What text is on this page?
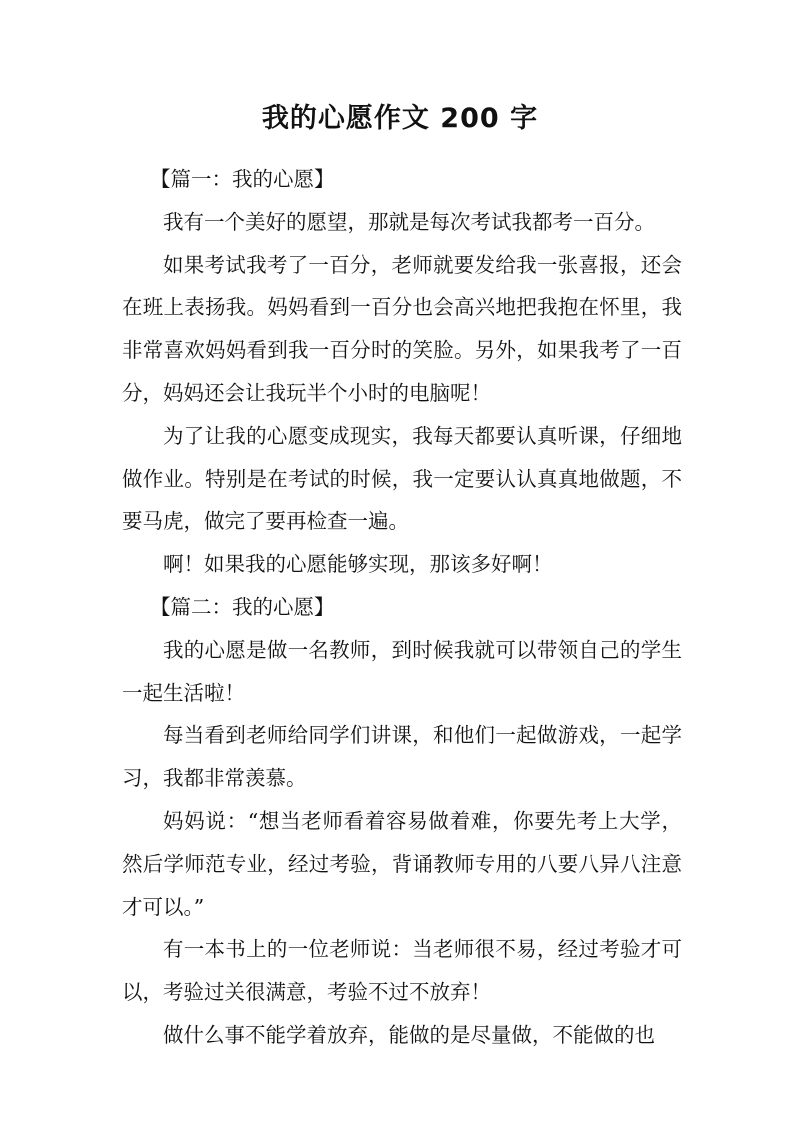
我的心愿作文 200 字

【篇一：我的心愿】

我有一个美好的愿望，那就是每次考试我都考一百分。

如果考试我考了一百分，老师就要发给我一张喜报，还会在班上表扬我。妈妈看到一百分也会高兴地把我抱在怀里，我非常喜欢妈妈看到我一百分时的笑脸。另外，如果我考了一百分，妈妈还会让我玩半个小时的电脑呢！

为了让我的心愿变成现实，我每天都要认真听课，仔细地做作业。特别是在考试的时候，我一定要认认真真地做题，不要马虎，做完了要再检查一遍。

啊！如果我的心愿能够实现，那该多好啊！

【篇二：我的心愿】

我的心愿是做一名教师，到时候我就可以带领自己的学生一起生活啦！

每当看到老师给同学们讲课，和他们一起做游戏，一起学习，我都非常羡慕。

妈妈说：“想当老师看着容易做着难，你要先考上大学，然后学师范专业，经过考验，背诵教师专用的八要八异八注意才可以。”

有一本书上的一位老师说：当老师很不易，经过考验才可以，考验过关很满意，考验不过不放弃！

做什么事不能学着放弃，能做的是尽量做，不能做的也
